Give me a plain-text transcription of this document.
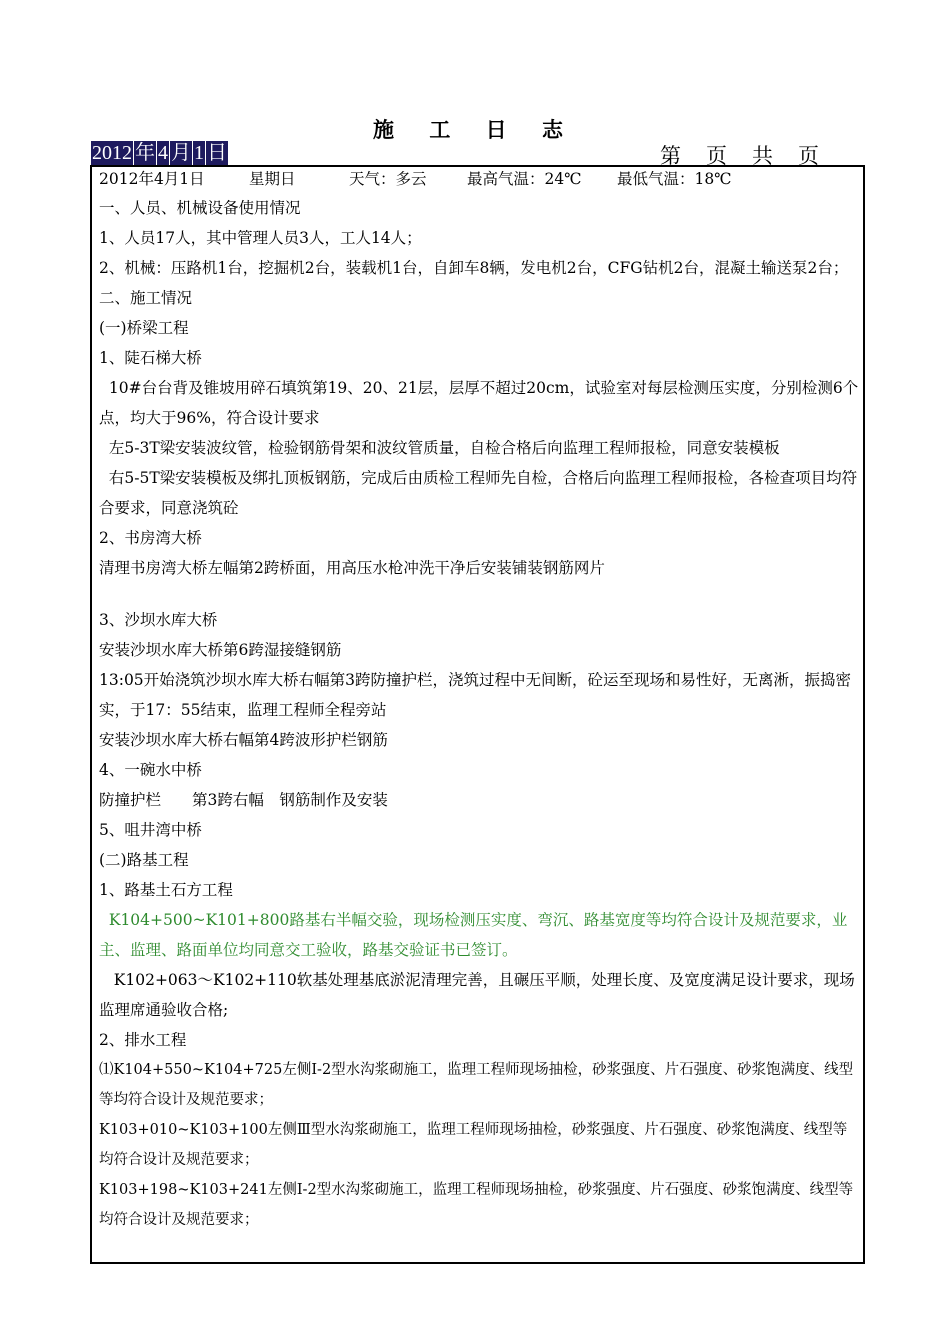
施 工 日 志
2012 年 4 月 1 日	第 页 共 页

2012年4月1日	星期日	天气：多云	最高气温：24℃ 最低气温：18℃

一、人员、机械设备使用情况

1、人员17人，其中管理人员3人，工人14人；

2、机械：压路机1台，挖掘机2台，装载机1台，自卸车8辆，发电机2台，CFG钻机2台，混凝土输送泵2台；

二、施工情况

(一)桥梁工程

1、陡石梯大桥

10#台台背及锥坡用碎石填筑第19、20、21层，层厚不超过20cm，试验室对每层检测压实度，分别检测6个点，均大于96%，符合设计要求

左5-3T梁安装波纹管，检验钢筋骨架和波纹管质量，自检合格后向监理工程师报检，同意安装模板

右5-5T梁安装模板及绑扎顶板钢筋，完成后由质检工程师先自检，合格后向监理工程师报检，各检查项目均符合要求，同意浇筑砼

2、书房湾大桥

清理书房湾大桥左幅第2跨桥面，用高压水枪冲洗干净后安装铺装钢筋网片

3、沙坝水库大桥

安装沙坝水库大桥第6跨湿接缝钢筋

13:05开始浇筑沙坝水库大桥右幅第3跨防撞护栏，浇筑过程中无间断，砼运至现场和易性好，无离淅，振捣密实，于17：55结束，监理工程师全程旁站

安装沙坝水库大桥右幅第4跨波形护栏钢筋

4、一碗水中桥

防撞护栏　　第3跨右幅　钢筋制作及安装

5、咀井湾中桥

(二)路基工程

1、路基土石方工程

K104+500~K101+800路基右半幅交验，现场检测压实度、弯沉、路基宽度等均符合设计及规范要求，业主、监理、路面单位均同意交工验收，路基交验证书已签订。

K102+063～K102+110软基处理基底淤泥清理完善，且碾压平顺，处理长度、及宽度满足设计要求，现场监理席通验收合格;

2、排水工程

⑴K104+550~K104+725左侧Ⅰ-2型水沟浆砌施工，监理工程师现场抽检，砂浆强度、片石强度、砂浆饱满度、线型等均符合设计及规范要求；

K103+010~K103+100左侧Ⅲ型水沟浆砌施工，监理工程师现场抽检，砂浆强度、片石强度、砂浆饱满度、线型等均符合设计及规范要求；

K103+198~K103+241左侧Ⅰ-2型水沟浆砌施工，监理工程师现场抽检，砂浆强度、片石强度、砂浆饱满度、线型等均符合设计及规范要求；
